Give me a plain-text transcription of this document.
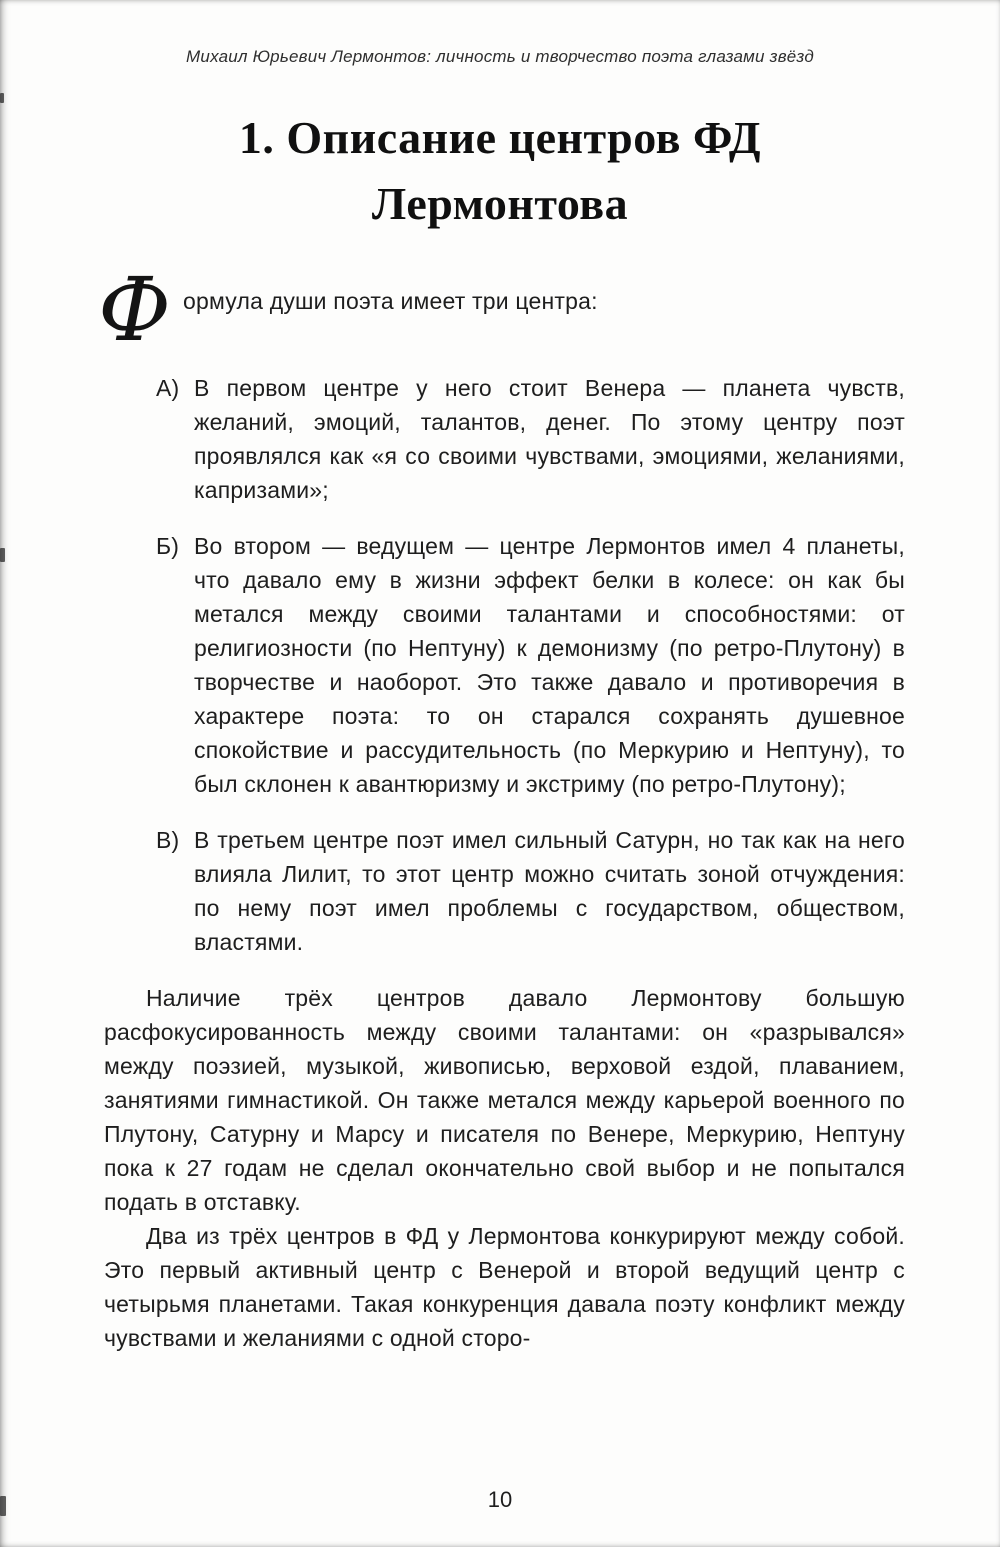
Михаил Юрьевич Лермонтов: личность и творчество поэта глазами звёзд
1. Описание центров ФД
Лермонтова
Ф ормула души поэта имеет три центра:
А) В первом центре у него стоит Венера — планета чувств, желаний, эмоций, талантов, денег. По этому центру поэт проявлялся как «я со своими чувствами, эмоциями, желаниями, капризами»;
Б) Во втором — ведущем — центре Лермонтов имел 4 планеты, что давало ему в жизни эффект белки в колесе: он как бы метался между своими талантами и способностями: от религиозности (по Нептуну) к демонизму (по ретро-Плутону) в творчестве и наоборот. Это также давало и противоречия в характере поэта: то он старался сохранять душевное спокойствие и рассудительность (по Меркурию и Нептуну), то был склонен к авантюризму и экстриму (по ретро-Плутону);
В) В третьем центре поэт имел сильный Сатурн, но так как на него влияла Лилит, то этот центр можно считать зоной отчуждения: по нему поэт имел проблемы с государством, обществом, властями.

Наличие трёх центров давало Лермонтову большую расфокусированность между своими талантами: он «разрывался» между поэзией, музыкой, живописью, верховой ездой, плаванием, занятиями гимнастикой. Он также метался между карьерой военного по Плутону, Сатурну и Марсу и писателя по Венере, Меркурию, Нептуну пока к 27 годам не сделал окончательно свой выбор и не попытался подать в отставку.

Два из трёх центров в ФД у Лермонтова конкурируют между собой. Это первый активный центр с Венерой и второй ведущий центр с четырьмя планетами. Такая конкуренция давала поэту конфликт между чувствами и желаниями с одной сторо-

10
